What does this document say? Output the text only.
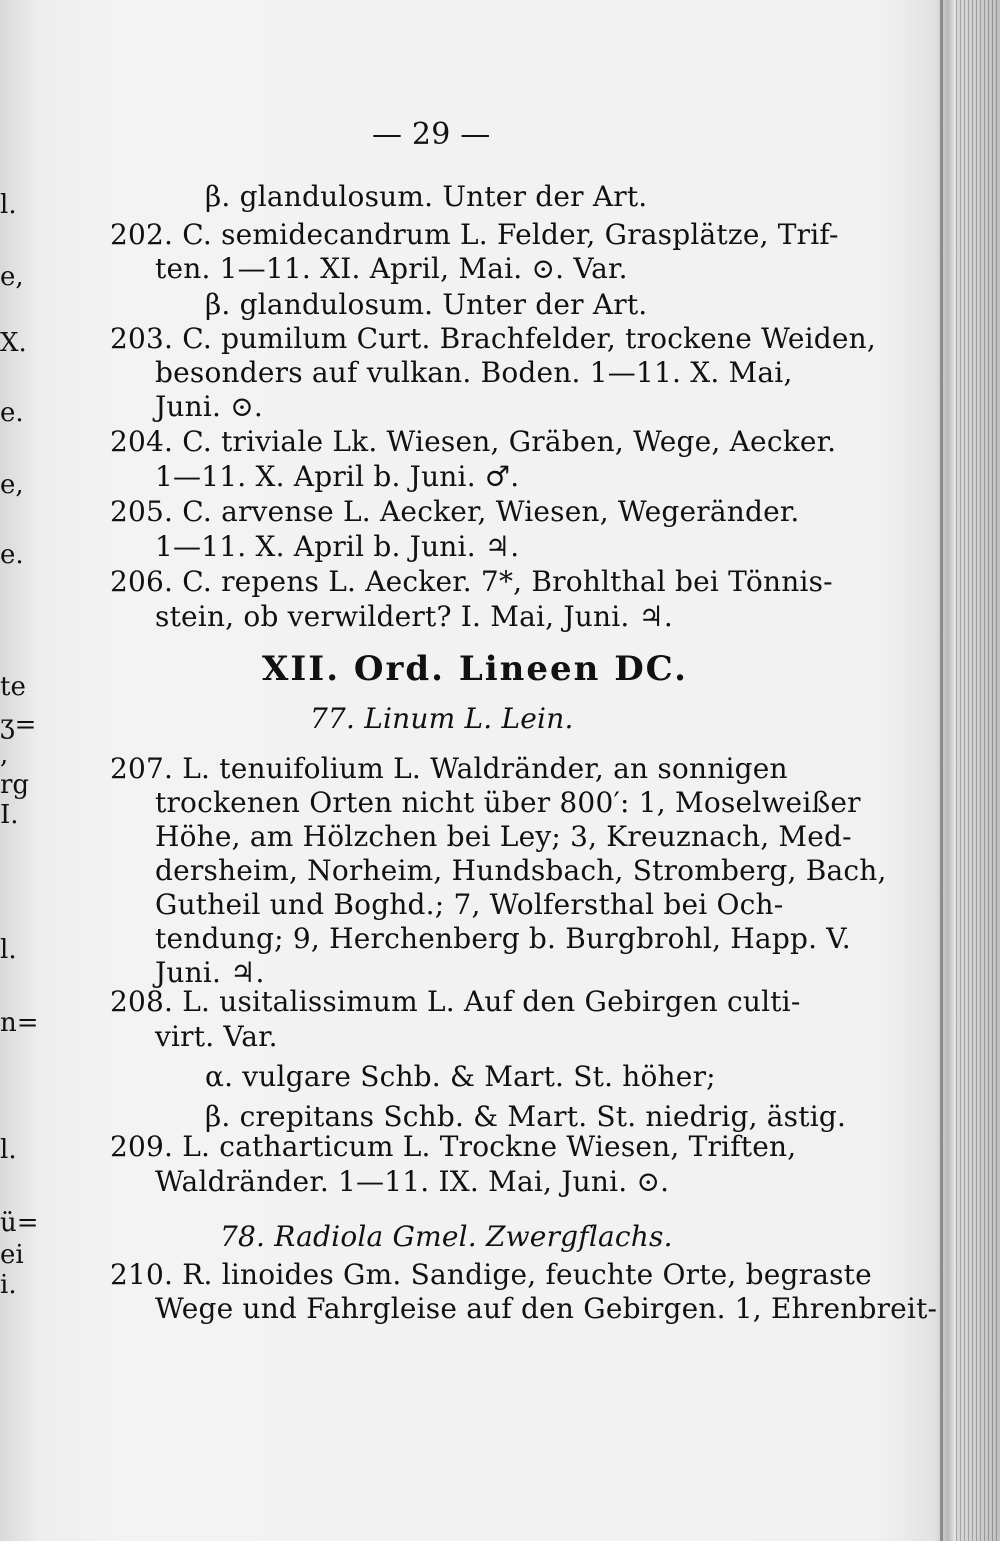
l.
e,
X.
e.
e,
e.
te
ʒ=
,
rg
I.
l.
n=
l.
ü=
ei
i.
— 29 —
β. glandulosum. Unter der Art.
202. C. semidecandrum L. Felder, Grasplätze, Trif-
ten. 1—11. XI. April, Mai. ⊙. Var.
β. glandulosum. Unter der Art.
203. C. pumilum Curt. Brachfelder, trockene Weiden,
besonders auf vulkan. Boden. 1—11. X. Mai,
Juni. ⊙.
204. C. triviale Lk. Wiesen, Gräben, Wege, Aecker.
1—11. X. April b. Juni. ♂.
205. C. arvense L. Aecker, Wiesen, Wegeränder.
1—11. X. April b. Juni. ♃.
206. C. repens L. Aecker. 7*, Brohlthal bei Tönnis-
stein, ob verwildert? I. Mai, Juni. ♃.
XII. Ord. Lineen DC.
77. Linum L. Lein.
207. L. tenuifolium L. Waldränder, an sonnigen
trockenen Orten nicht über 800′: 1, Moselweißer
Höhe, am Hölzchen bei Ley; 3, Kreuznach, Med-
dersheim, Norheim, Hundsbach, Stromberg, Bach,
Gutheil und Boghd.; 7, Wolfersthal bei Och-
tendung; 9, Herchenberg b. Burgbrohl, Happ. V.
Juni. ♃.
208. L. usitalissimum L. Auf den Gebirgen culti-
virt. Var.
α. vulgare Schb. & Mart. St. höher;
β. crepitans Schb. & Mart. St. niedrig, ästig.
209. L. catharticum L. Trockne Wiesen, Triften,
Waldränder. 1—11. IX. Mai, Juni. ⊙.
78. Radiola Gmel. Zwergflachs.
210. R. linoides Gm. Sandige, feuchte Orte, begraste
Wege und Fahrgleise auf den Gebirgen. 1, Ehrenbreit-
